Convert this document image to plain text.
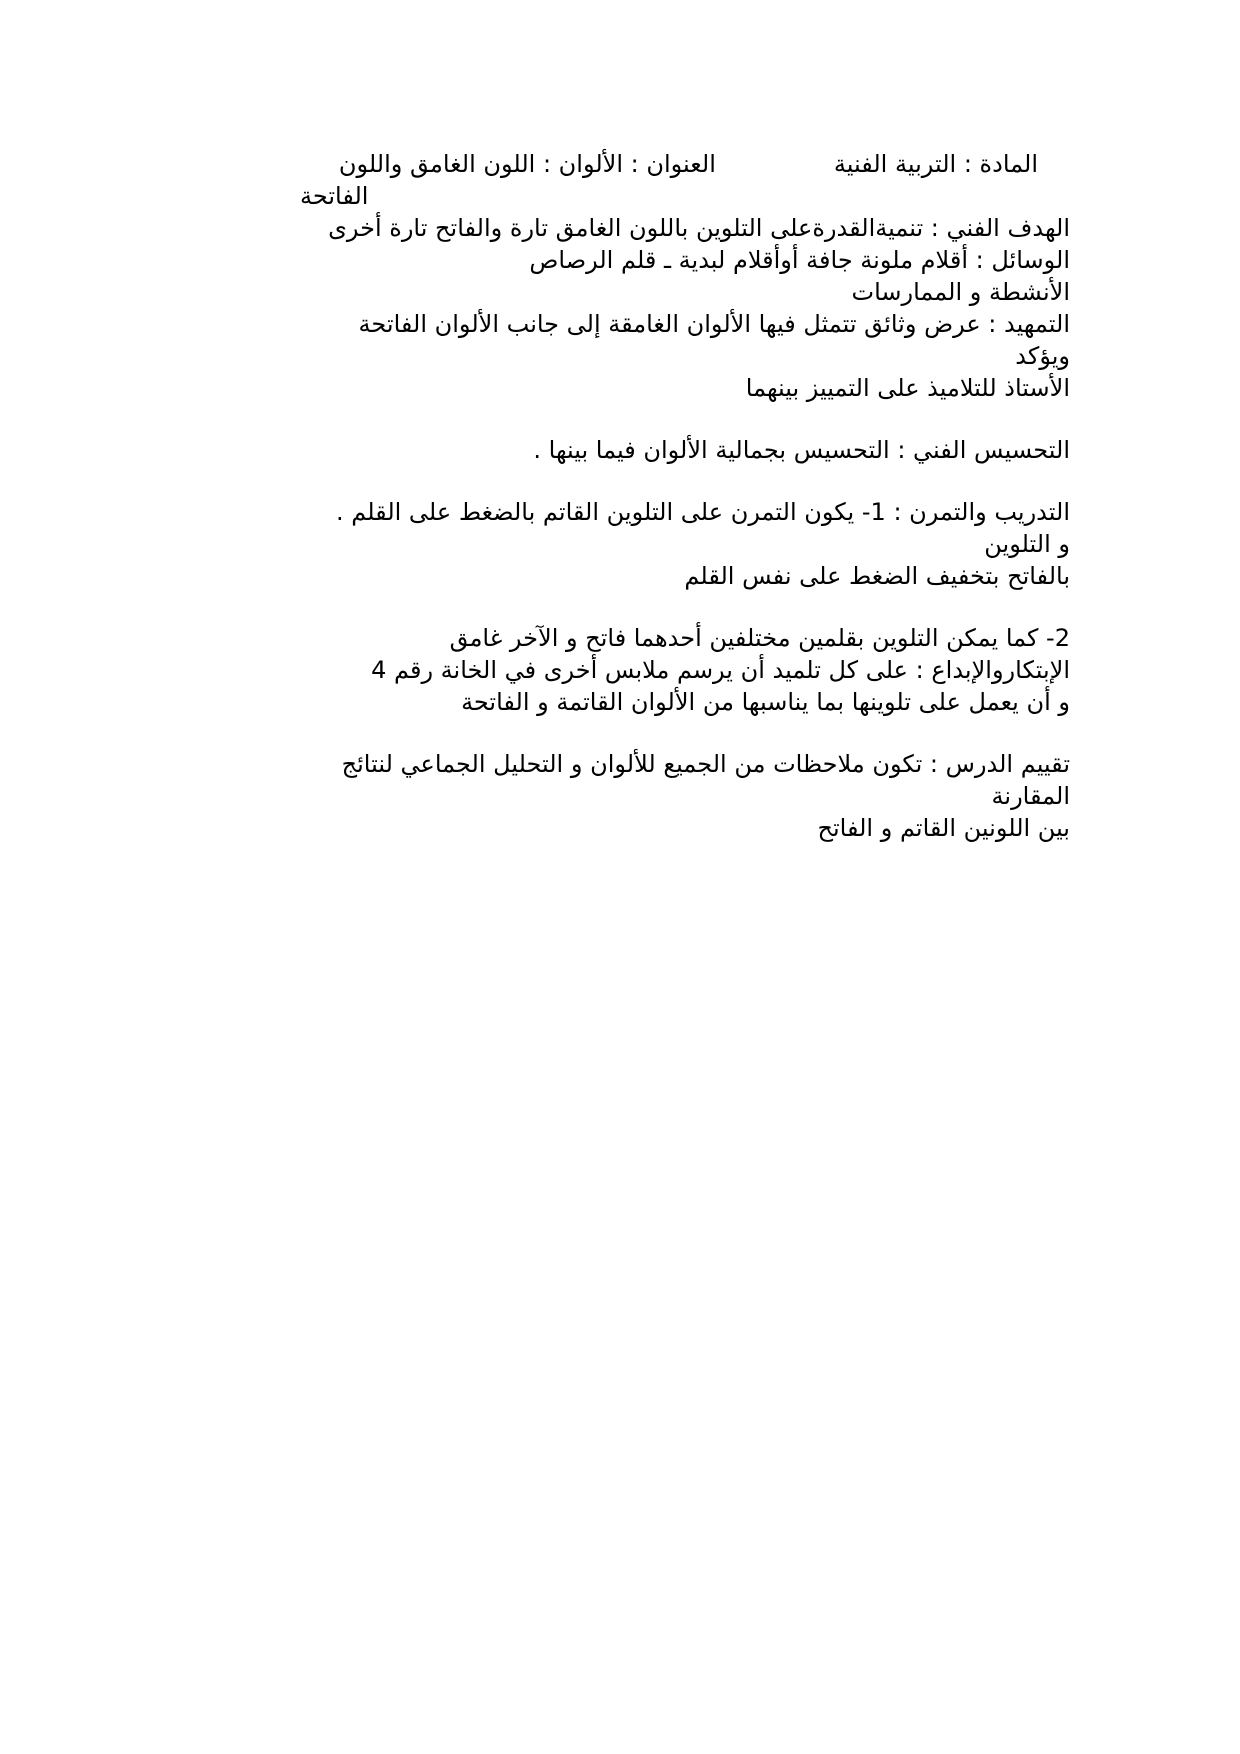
المادة : التربية الفنية
العنوان : الألوان : اللون الغامق واللون
الفاتحة
الهدف الفني : تنميةالقدرةعلى التلوين باللون الغامق تارة والفاتح تارة أخرى
الوسائل : أقلام ملونة جافة أوأقلام لبدية ـ قلم الرصاص
الأنشطة و الممارسات
التمهيد : عرض وثائق تتمثل فيها الألوان الغامقة إلى جانب الألوان الفاتحة
ويؤكد
الأستاذ للتلاميذ على التمييز بينهما
التحسيس الفني : التحسيس بجمالية الألوان فيما بينها .
التدريب والتمرن : 1- يكون التمرن على التلوين القاتم بالضغط على القلم .
و التلوين
بالفاتح بتخفيف الضغط على نفس القلم
2- كما يمكن التلوين بقلمين مختلفين أحدهما فاتح و الآخر غامق
الإبتكاروالإبداع : على كل تلميد أن يرسم ملابس أخرى في الخانة رقم 4
و أن يعمل على تلوينها بما يناسبها من الألوان القاتمة و الفاتحة
تقييم الدرس : تكون ملاحظات من الجميع للألوان و التحليل الجماعي لنتائج
المقارنة
بين اللونين القاتم و الفاتح
